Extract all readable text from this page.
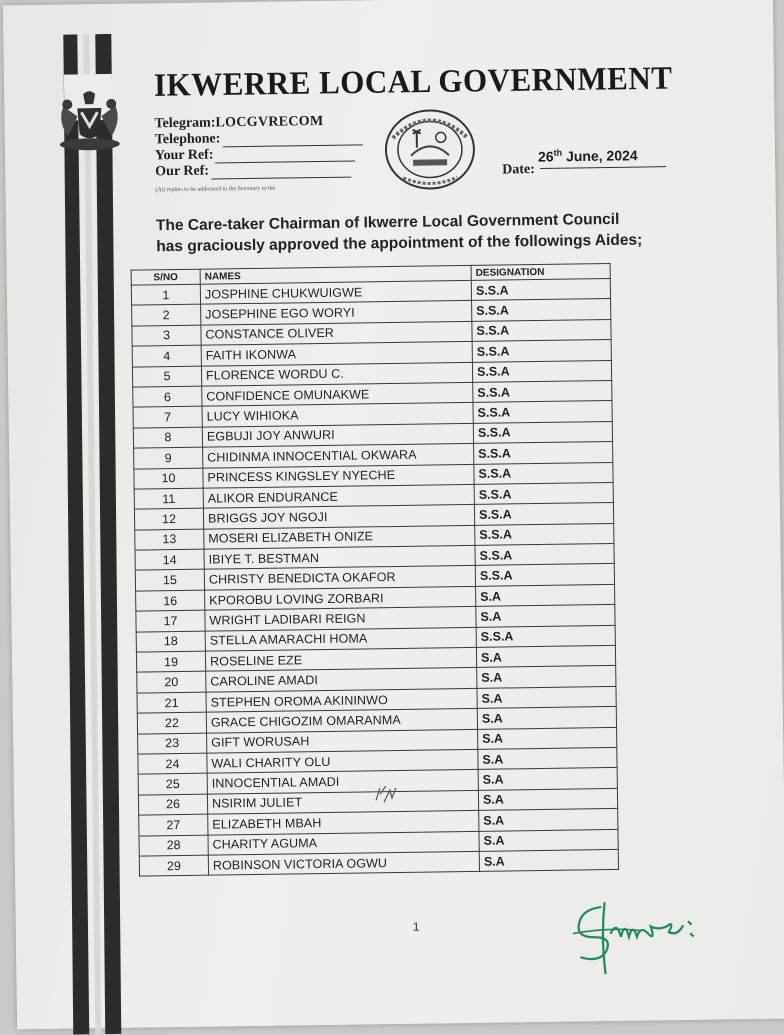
IKWERRE LOCAL GOVERNMENT
Telegram: LOCGVRECOM
Telephone:
Your Ref:
Our Ref:
(All replies to be addressed to the Secretary to the
Date:
26th June, 2024
The Care-taker Chairman of Ikwerre Local Government Council
has graciously approved the appointment of the followings Aides;
S/NO	NAMES	DESIGNATION
1	JOSPHINE CHUKWUIGWE	S.S.A
2	JOSEPHINE EGO WORYI	S.S.A
3	CONSTANCE OLIVER	S.S.A
4	FAITH IKONWA	S.S.A
5	FLORENCE WORDU C.	S.S.A
6	CONFIDENCE OMUNAKWE	S.S.A
7	LUCY WIHIOKA	S.S.A
8	EGBUJI JOY ANWURI	S.S.A
9	CHIDINMA INNOCENTIAL OKWARA	S.S.A
10	PRINCESS KINGSLEY NYECHE	S.S.A
11	ALIKOR ENDURANCE	S.S.A
12	BRIGGS JOY NGOJI	S.S.A
13	MOSERI ELIZABETH ONIZE	S.S.A
14	IBIYE T. BESTMAN	S.S.A
15	CHRISTY BENEDICTA OKAFOR	S.S.A
16	KPOROBU LOVING ZORBARI	S.A
17	WRIGHT LADIBARI REIGN	S.A
18	STELLA AMARACHI HOMA	S.S.A
19	ROSELINE EZE	S.A
20	CAROLINE AMADI	S.A
21	STEPHEN OROMA AKININWO	S.A
22	GRACE CHIGOZIM OMARANMA	S.A
23	GIFT WORUSAH	S.A
24	WALI CHARITY OLU	S.A
25	INNOCENTIAL AMADI	S.A
26	NSIRIM JULIET	S.A
27	ELIZABETH MBAH	S.A
28	CHARITY AGUMA	S.A
29	ROBINSON VICTORIA OGWU	S.A
1
